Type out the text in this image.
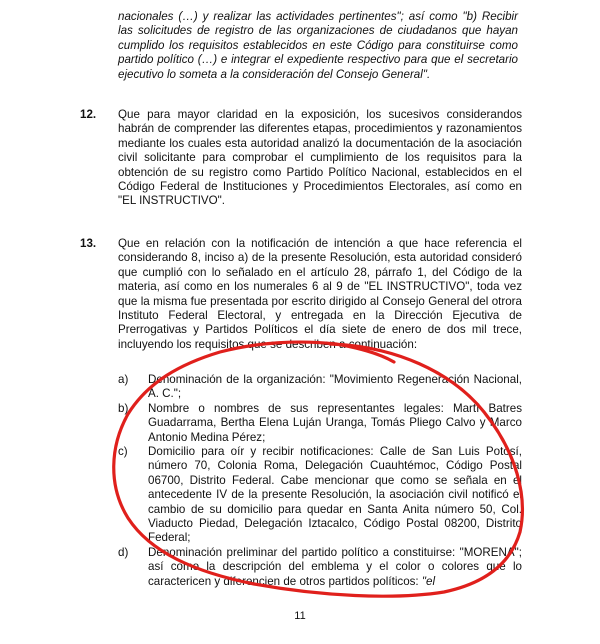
nacionales (…) y realizar las actividades pertinentes"; así como "b) Recibir las solicitudes de registro de las organizaciones de ciudadanos que hayan cumplido los requisitos establecidos en este Código para constituirse como partido político (…) e integrar el expediente respectivo para que el secretario ejecutivo lo someta a la consideración del Consejo General".
12. Que para mayor claridad en la exposición, los sucesivos considerandos habrán de comprender las diferentes etapas, procedimientos y razonamientos mediante los cuales esta autoridad analizó la documentación de la asociación civil solicitante para comprobar el cumplimiento de los requisitos para la obtención de su registro como Partido Político Nacional, establecidos en el Código Federal de Instituciones y Procedimientos Electorales, así como en "EL INSTRUCTIVO".
13. Que en relación con la notificación de intención a que hace referencia el considerando 8, inciso a) de la presente Resolución, esta autoridad consideró que cumplió con lo señalado en el artículo 28, párrafo 1, del Código de la materia, así como en los numerales 6 al 9 de "EL INSTRUCTIVO", toda vez que la misma fue presentada por escrito dirigido al Consejo General del otrora Instituto Federal Electoral, y entregada en la Dirección Ejecutiva de Prerrogativas y Partidos Políticos el día siete de enero de dos mil trece, incluyendo los requisitos que se describen a continuación:
a) Denominación de la organización: "Movimiento Regeneración Nacional, A. C.";
b) Nombre o nombres de sus representantes legales: Martí Batres Guadarrama, Bertha Elena Luján Uranga, Tomás Pliego Calvo y Marco Antonio Medina Pérez;
c) Domicilio para oír y recibir notificaciones: Calle de San Luis Potosí, número 70, Colonia Roma, Delegación Cuauhtémoc, Código Postal 06700, Distrito Federal. Cabe mencionar que como se señala en el antecedente IV de la presente Resolución, la asociación civil notificó el cambio de su domicilio para quedar en Santa Anita número 50, Col. Viaducto Piedad, Delegación Iztacalco, Código Postal 08200, Distrito Federal;
d) Denominación preliminar del partido político a constituirse: "MORENA"; así como la descripción del emblema y el color o colores que lo caractericen y diferencien de otros partidos políticos: "el
11
